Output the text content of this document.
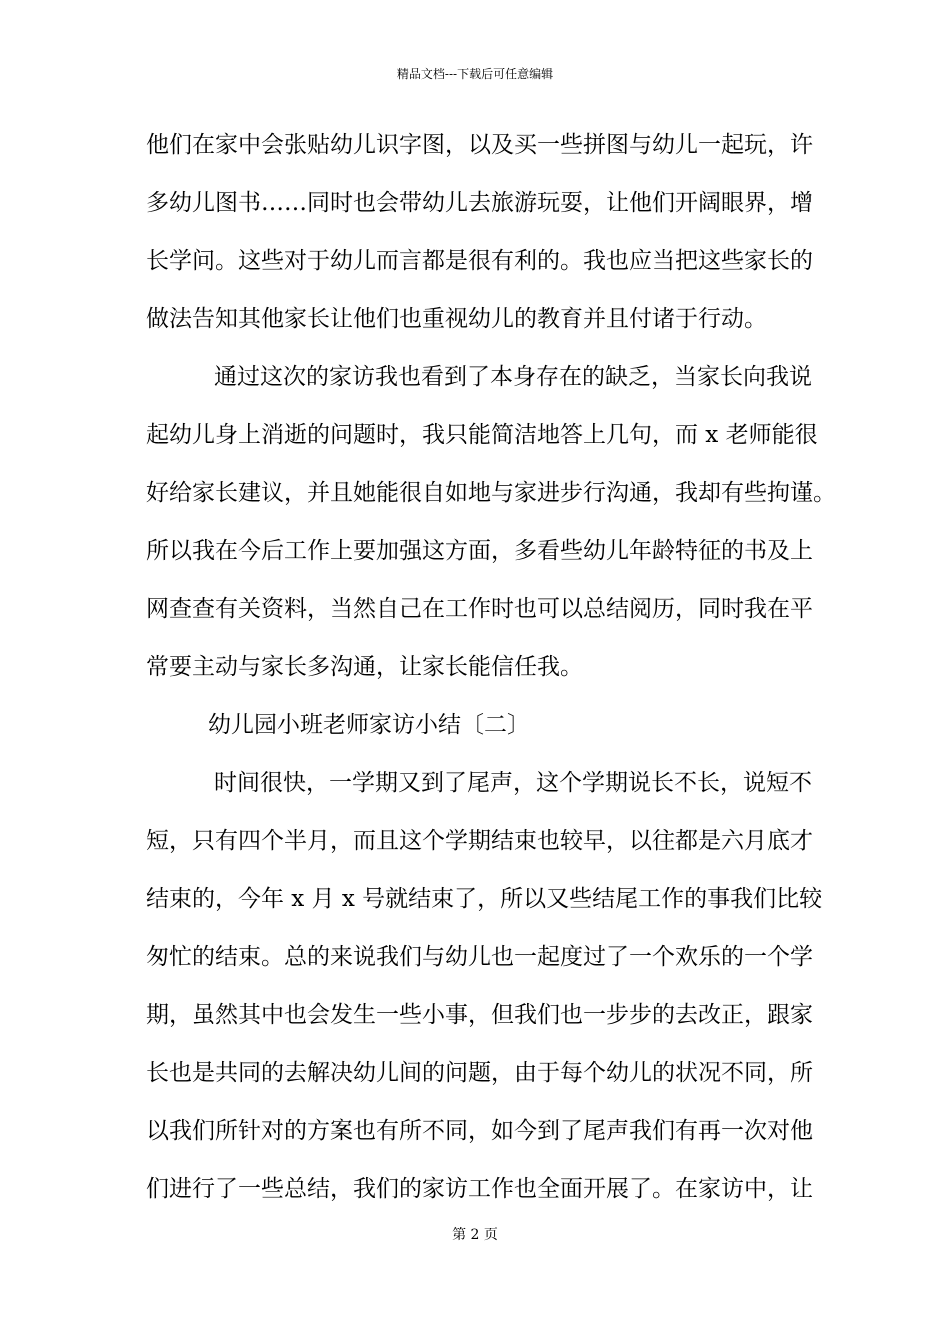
精品文档---下载后可任意编辑
他们在家中会张贴幼儿识字图，以及买一些拼图与幼儿一起玩，许
多幼儿图书……同时也会带幼儿去旅游玩耍，让他们开阔眼界，增
长学问。这些对于幼儿而言都是很有利的。我也应当把这些家长的
做法告知其他家长让他们也重视幼儿的教育并且付诸于行动。
通过这次的家访我也看到了本身存在的缺乏，当家长向我说
起幼儿身上消逝的问题时，我只能简洁地答上几句，而 x 老师能很
好给家长建议，并且她能很自如地与家进步行沟通，我却有些拘谨。
所以我在今后工作上要加强这方面，多看些幼儿年龄特征的书及上
网查查有关资料，当然自己在工作时也可以总结阅历，同时我在平
常要主动与家长多沟通，让家长能信任我。
幼儿园小班老师家访小结〔二〕
时间很快，一学期又到了尾声，这个学期说长不长，说短不
短，只有四个半月，而且这个学期结束也较早，以往都是六月底才
结束的，今年 x 月 x 号就结束了，所以又些结尾工作的事我们比较
匆忙的结束。总的来说我们与幼儿也一起度过了一个欢乐的一个学
期，虽然其中也会发生一些小事，但我们也一步步的去改正，跟家
长也是共同的去解决幼儿间的问题，由于每个幼儿的状况不同，所
以我们所针对的方案也有所不同，如今到了尾声我们有再一次对他
们进行了一些总结，我们的家访工作也全面开展了。在家访中，让
第 2 页
